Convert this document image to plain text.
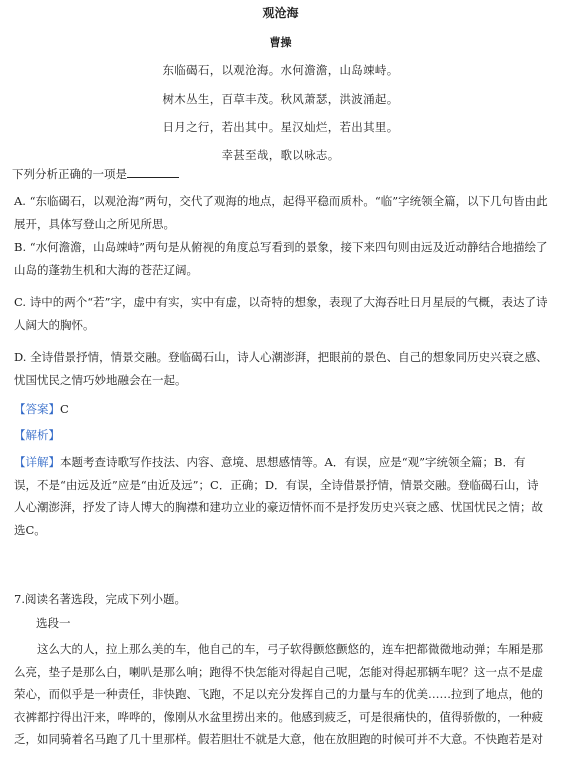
观沧海
曹操
东临碣石，以观沧海。水何澹澹，山岛竦峙。
树木丛生，百草丰茂。秋风萧瑟，洪波涌起。
日月之行，若出其中。星汉灿烂，若出其里。
幸甚至哉，歌以咏志。
下列分析正确的一项是
A. “东临碣石，以观沧海”两句，交代了观海的地点，起得平稳而质朴。“临”字统领全篇，以下几句皆由此展开，具体写登山之所见所思。
B. “水何澹澹，山岛竦峙”两句是从俯视的角度总写看到的景象，接下来四句则由远及近动静结合地描绘了山岛的蓬勃生机和大海的苍茫辽阔。
C. 诗中的两个“若”字，虚中有实，实中有虚，以奇特的想象，表现了大海吞吐日月星辰的气概，表达了诗人阔大的胸怀。
D. 全诗借景抒情，情景交融。登临碣石山，诗人心潮澎湃，把眼前的景色、自己的想象同历史兴衰之感、忧国忧民之情巧妙地融会在一起。
【答案】C
【解析】
【详解】本题考查诗歌写作技法、内容、意境、思想感情等。A．有误，应是“观”字统领全篇；B．有误，不是“由远及近”应是“由近及远”；C．正确；D．有误，全诗借景抒情，情景交融。登临碣石山，诗人心潮澎湃，抒发了诗人博大的胸襟和建功立业的豪迈情怀而不是抒发历史兴衰之感、忧国忧民之情；故选C。
7.阅读名著选段，完成下列小题。
选段一
这么大的人，拉上那么美的车，他自己的车，弓子软得颤悠颤悠的，连车把都微微地动弹；车厢是那么亮，垫子是那么白，喇叭是那么响；跑得不快怎能对得起自己呢，怎能对得起那辆车呢？这一点不是虚荣心，而似乎是一种责任，非快跑、飞跑，不足以充分发挥自己的力量与车的优美……拉到了地点，他的衣裤都拧得出汗来，哗哗的，像刚从水盆里捞出来的。他感到疲乏，可是很痛快的，值得骄傲的，一种疲乏，如同骑着名马跑了几十里那样。假若胆壮不就是大意，他在放胆跑的时候可并不大意。不快跑若是对
